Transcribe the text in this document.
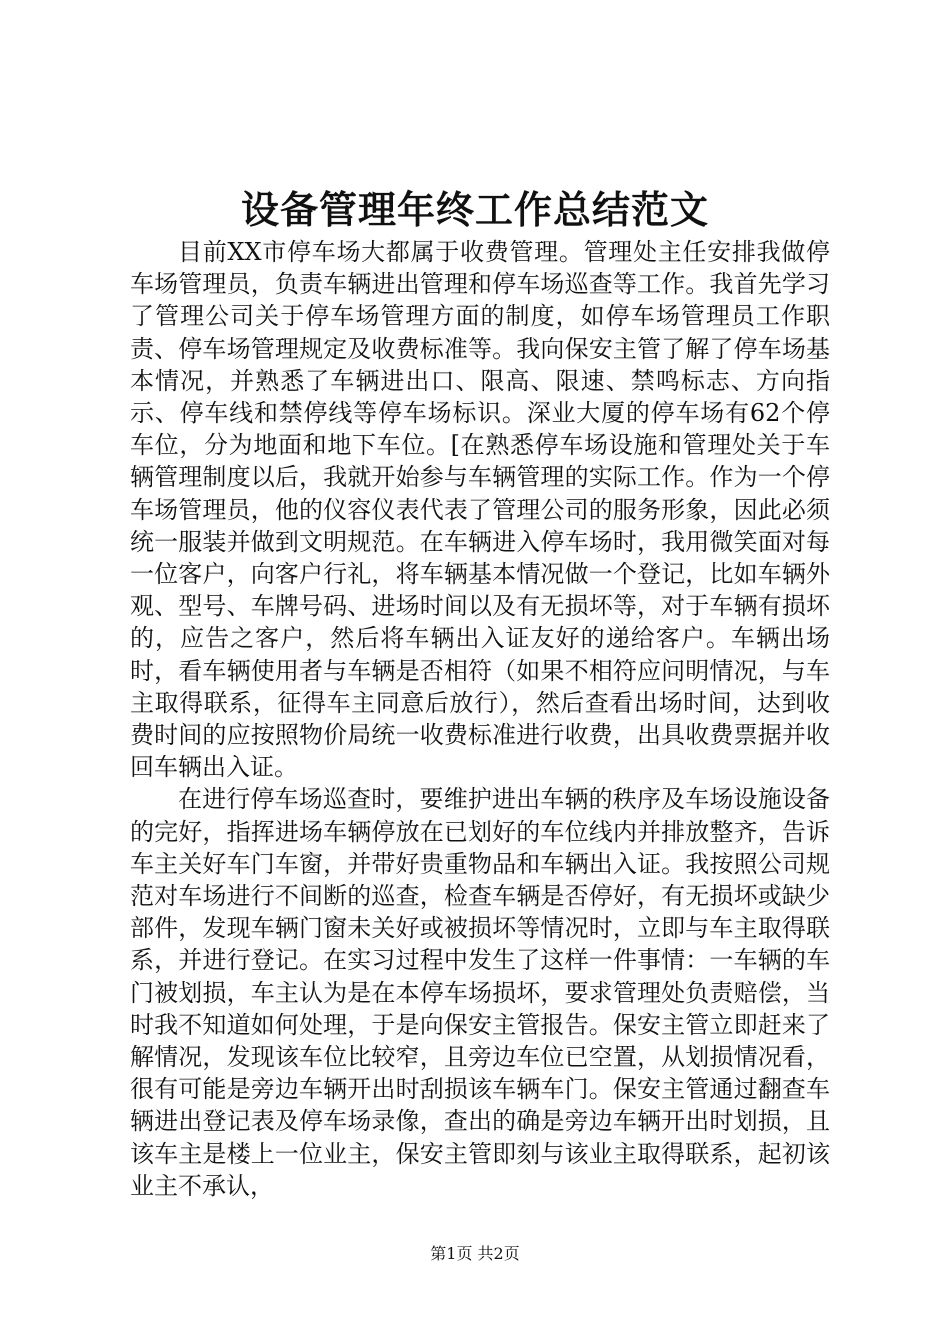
设备管理年终工作总结范文

目前XX市停车场大都属于收费管理。管理处主任安排我做停车场管理员，负责车辆进出管理和停车场巡查等工作。我首先学习了管理公司关于停车场管理方面的制度，如停车场管理员工作职责、停车场管理规定及收费标准等。我向保安主管了解了停车场基本情况，并熟悉了车辆进出口、限高、限速、禁鸣标志、方向指示、停车线和禁停线等停车场标识。深业大厦的停车场有62个停车位，分为地面和地下车位。[在熟悉停车场设施和管理处关于车辆管理制度以后，我就开始参与车辆管理的实际工作。作为一个停车场管理员，他的仪容仪表代表了管理公司的服务形象，因此必须统一服装并做到文明规范。在车辆进入停车场时，我用微笑面对每一位客户，向客户行礼，将车辆基本情况做一个登记，比如车辆外观、型号、车牌号码、进场时间以及有无损坏等，对于车辆有损坏的，应告之客户，然后将车辆出入证友好的递给客户。车辆出场时，看车辆使用者与车辆是否相符（如果不相符应问明情况，与车主取得联系，征得车主同意后放行），然后查看出场时间，达到收费时间的应按照物价局统一收费标准进行收费，出具收费票据并收回车辆出入证。

在进行停车场巡查时，要维护进出车辆的秩序及车场设施设备的完好，指挥进场车辆停放在已划好的车位线内并排放整齐，告诉车主关好车门车窗，并带好贵重物品和车辆出入证。我按照公司规范对车场进行不间断的巡查，检查车辆是否停好，有无损坏或缺少部件，发现车辆门窗未关好或被损坏等情况时，立即与车主取得联系，并进行登记。在实习过程中发生了这样一件事情：一车辆的车门被划损，车主认为是在本停车场损坏，要求管理处负责赔偿，当时我不知道如何处理，于是向保安主管报告。保安主管立即赶来了解情况，发现该车位比较窄，且旁边车位已空置，从划损情况看，很有可能是旁边车辆开出时刮损该车辆车门。保安主管通过翻查车辆进出登记表及停车场录像，查出的确是旁边车辆开出时划损，且该车主是楼上一位业主，保安主管即刻与该业主取得联系，起初该业主不承认，

第1页 共2页
